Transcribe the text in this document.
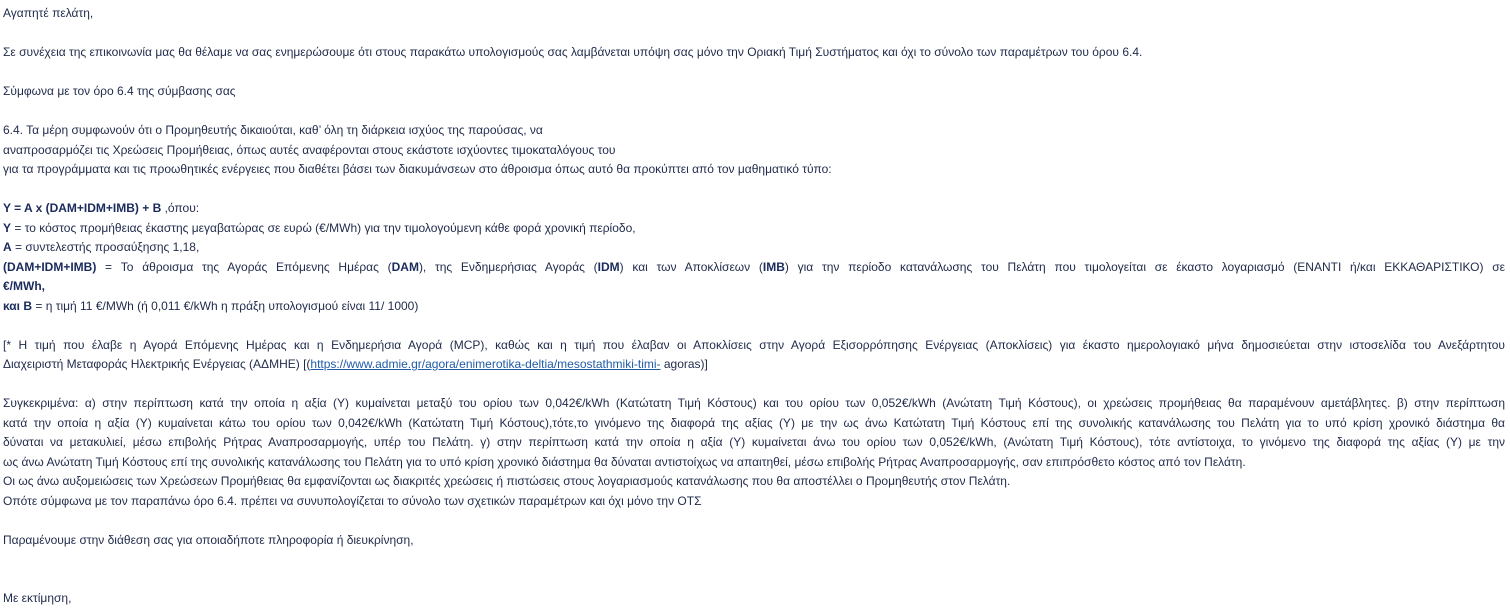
Αγαπητέ πελάτη,

Σε συνέχεια της επικοινωνία μας θα θέλαμε να σας ενημερώσουμε ότι στους παρακάτω υπολογισμούς σας λαμβάνεται υπόψη σας μόνο την Οριακή Τιμή Συστήματος και όχι το σύνολο των παραμέτρων του όρου 6.4.

Σύμφωνα με τον όρο 6.4 της σύμβασης σας

6.4. Τα μέρη συμφωνούν ότι ο Προμηθευτής δικαιούται, καθ’ όλη τη διάρκεια ισχύος της παρούσας, να

αναπροσαρμόζει τις Χρεώσεις Προμήθειας, όπως αυτές αναφέρονται στους εκάστοτε ισχύοντες τιμοκαταλόγους του

για τα προγράμματα και τις προωθητικές ενέργειες που διαθέτει βάσει των διακυμάνσεων στο άθροισμα όπως αυτό θα προκύπτει από τον μαθηματικό τύπο:

Y = A x (DAM+IDM+IMB) + B ,όπου:

Y = το κόστος προμήθειας έκαστης μεγαβατώρας σε ευρώ (€/MWh) για την τιμολογούμενη κάθε φορά χρονική περίοδο,

A = συντελεστής προσαύξησης 1,18,

(DAM+IDM+IMB) = Το άθροισμα της Αγοράς Επόμενης Ημέρας (DAM), της Ενδημερήσιας Αγοράς (IDM) και των Αποκλίσεων (IMB) για την περίοδο κατανάλωσης του Πελάτη που τιμολογείται σε έκαστο λογαριασμό (ΕΝΑΝΤΙ ή/και ΕΚΚΑΘΑΡΙΣΤΙΚΟ) σε

€/MWh,

και B = η τιμή 11 €/MWh (ή 0,011 €/kWh η πράξη υπολογισμού είναι 11/ 1000)

[* Η τιμή που έλαβε η Αγορά Επόμενης Ημέρας και η Ενδημερήσια Αγορά (MCP), καθώς και η τιμή που έλαβαν οι Αποκλίσεις στην Αγορά Εξισορρόπησης Ενέργειας (Αποκλίσεις) για έκαστο ημερολογιακό μήνα δημοσιεύεται στην ιστοσελίδα του Ανεξάρτητου

Διαχειριστή Μεταφοράς Ηλεκτρικής Ενέργειας (ΑΔΜΗΕ) [(https://www.admie.gr/agora/enimerotika-deltia/mesostathmiki-timi- agoras)]

Συγκεκριμένα: α) στην περίπτωση κατά την οποία η αξία (Y) κυμαίνεται μεταξύ του ορίου των 0,042€/kWh (Κατώτατη Τιμή Κόστους) και του ορίου των 0,052€/kWh (Ανώτατη Τιμή Κόστους), οι χρεώσεις προμήθειας θα παραμένουν αμετάβλητες. β) στην περίπτωση

κατά την οποία η αξία (Y) κυμαίνεται κάτω του ορίου των 0,042€/kWh (Κατώτατη Τιμή Κόστους),τότε,το γινόμενο της διαφορά της αξίας (Y) με την ως άνω Κατώτατη Τιμή Κόστους επί της συνολικής κατανάλωσης του Πελάτη για το υπό κρίση χρονικό διάστημα θα

δύναται να μετακυλιεί, μέσω επιβολής Ρήτρας Αναπροσαρμογής, υπέρ του Πελάτη. γ) στην περίπτωση κατά την οποία η αξία (Y) κυμαίνεται άνω του ορίου των 0,052€/kWh, (Ανώτατη Τιμή Κόστους), τότε αντίστοιχα, το γινόμενο της διαφορά της αξίας (Y) με την

ως άνω Ανώτατη Τιμή Κόστους επί της συνολικής κατανάλωσης του Πελάτη για το υπό κρίση χρονικό διάστημα θα δύναται αντιστοίχως να απαιτηθεί, μέσω επιβολής Ρήτρας Αναπροσαρμογής, σαν επιπρόσθετο κόστος από τον Πελάτη.

Οι ως άνω αυξομειώσεις των Χρεώσεων Προμήθειας θα εμφανίζονται ως διακριτές χρεώσεις ή πιστώσεις στους λογαριασμούς κατανάλωσης που θα αποστέλλει ο Προμηθευτής στον Πελάτη.

Οπότε σύμφωνα με τον παραπάνω όρο 6.4. πρέπει να συνυπολογίζεται το σύνολο των σχετικών παραμέτρων και όχι μόνο την ΟΤΣ

Παραμένουμε στην διάθεση σας για οποιαδήποτε πληροφορία ή διευκρίνηση,

Με εκτίμηση,
